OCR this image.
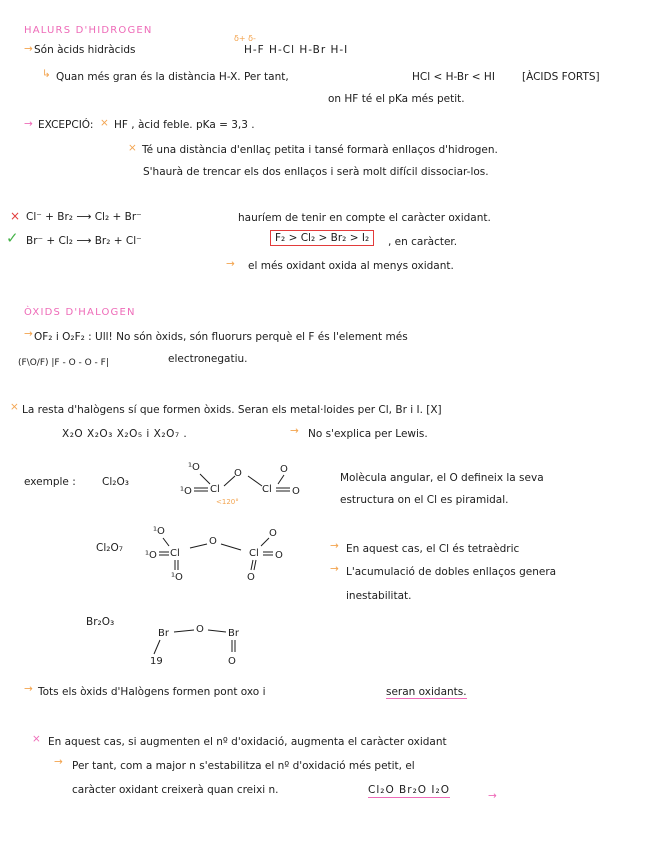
HALURS D'HIDROGEN
→ Són àcids hidràcids
δ+ δ-
H-F H-Cl H-Br H-I
↳ Quan més gran és la distància H-X. Per tant,	HCl < H-Br < HI	[ÀCIDS FORTS]
on HF té el pKa més petit.
→ EXCEPCIÓ: × HF , àcid feble. pKa = 3,3 .
× Té una distància d'enllaç petita i tansé formarà enllaços d'hidrogen.
S'haurà de trencar els dos enllaços i serà molt difícil dissociar-los.
× Cl⁻ + Br₂ ⟶ Cl₂ + Br⁻	hauríem de tenir en compte el caràcter oxidant.
✓ Br⁻ + Cl₂ ⟶ Br₂ + Cl⁻	F₂ > Cl₂ > Br₂ > I₂	, en caràcter.
→ el més oxidant oxida al menys oxidant.
ÒXIDS D'HALOGEN
→ OF₂ i O₂F₂ : Ull! No són òxids, són fluorurs perquè el F és l'element més
(F\O/F) |F - O - O - F|	electronegatiu.
× La resta d'halògens sí que formen òxids. Seran els metal·loides per Cl, Br i I. [X]
X₂O X₂O₃ X₂O₅ i X₂O₇ .	→ No s'explica per Lewis.
exemple : Cl₂O₃
¹O
¹O Cl
O
Cl O
O
<120°
Molècula angular, el O defineix la seva
estructura on el Cl es piramidal.
Cl₂O₇
¹O
¹O Cl
¹O
O
Cl O
O
O
→ En aquest cas, el Cl és tetraèdric
→ L'acumulació de dobles enllaços genera
inestabilitat.
Br₂O₃
Br	O Br
19	O
→ Tots els òxids d'Halògens formen pont oxo i	seran oxidants.
× En aquest cas, si augmenten el nº d'oxidació, augmenta el caràcter oxidant
→ Per tant, com a major n s'estabilitza el nº d'oxidació més petit, el
caràcter oxidant creixerà quan creixi n.	Cl₂O Br₂O I₂O	→
